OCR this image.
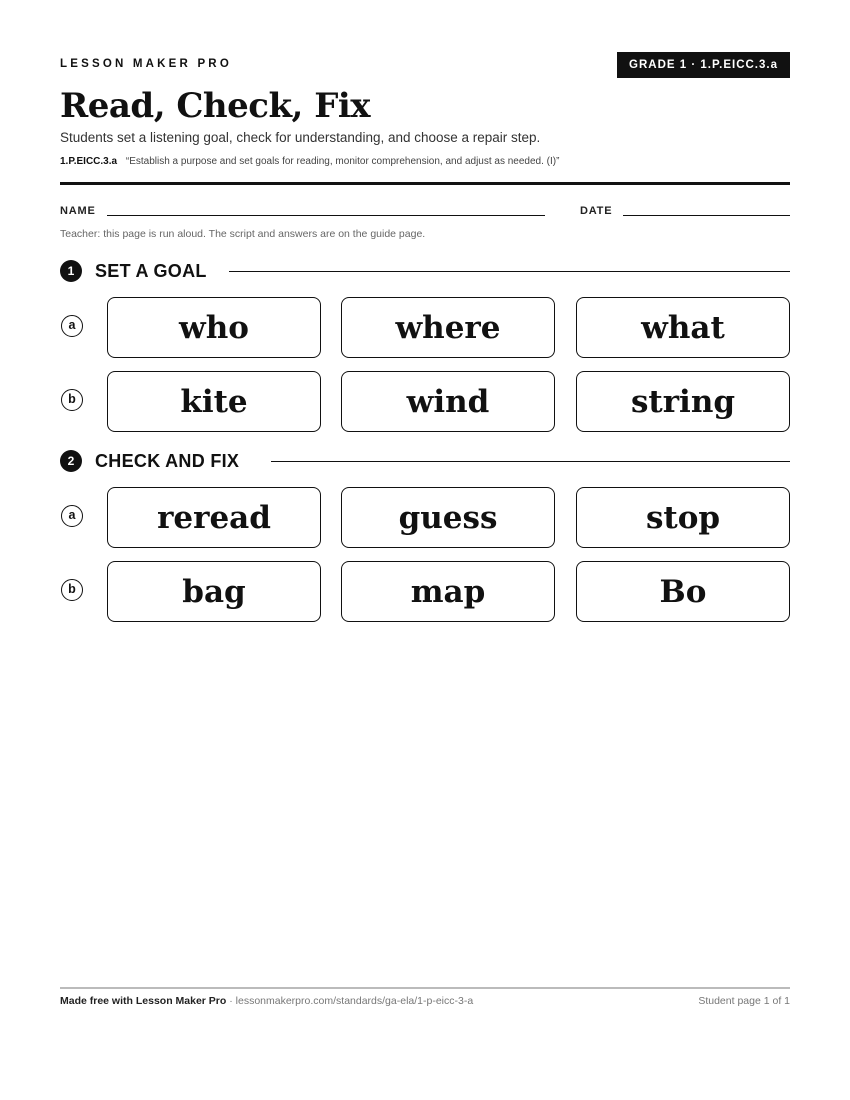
LESSON MAKER PRO	GRADE 1 · 1.P.EICC.3.a
Read, Check, Fix
Students set a listening goal, check for understanding, and choose a repair step.
1.P.EICC.3.a “Establish a purpose and set goals for reading, monitor comprehension, and adjust as needed. (I)”
NAME	DATE
Teacher: this page is run aloud. The script and answers are on the guide page.
1	SET A GOAL
a	who	where	what
b	kite	wind	string
2	CHECK AND FIX
a	reread	guess	stop
b	bag	map	Bo
Made free with Lesson Maker Pro · lessonmakerpro.com/standards/ga-ela/1-p-eicc-3-a	Student page 1 of 1
